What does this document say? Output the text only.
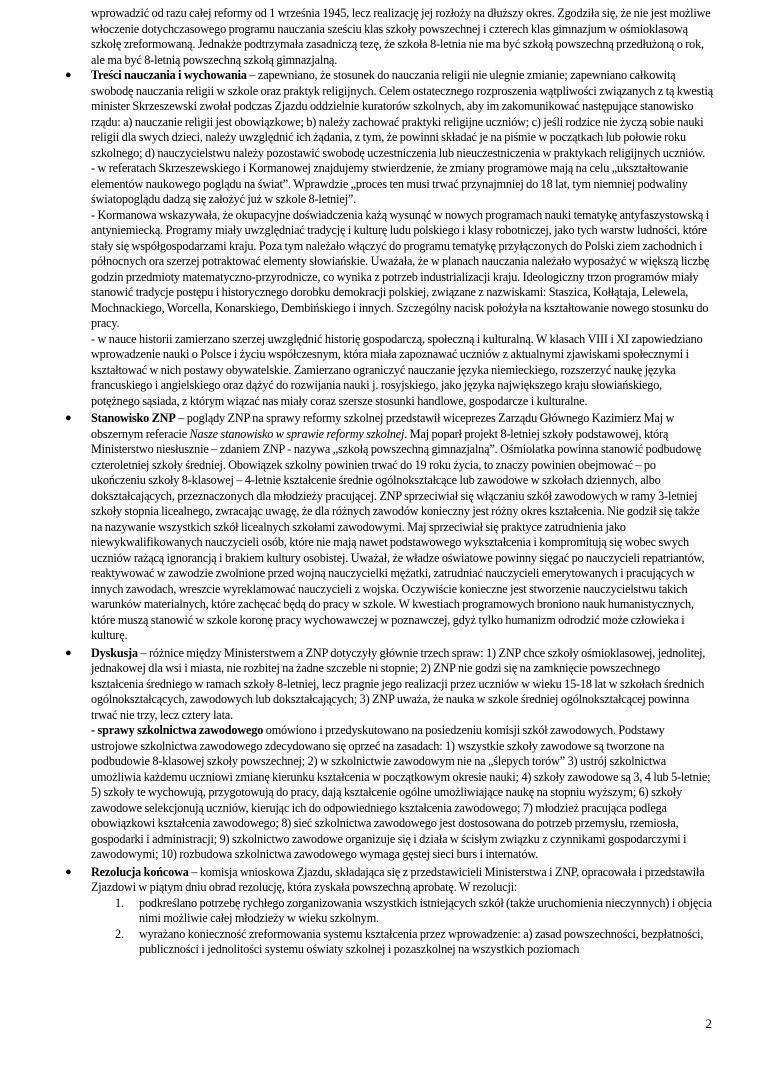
wprowadzić od razu całej reformy od 1 września 1945, lecz realizację jej rozłoży na dłuższy okres. Zgodziła się, że nie jest możliwe włoczenie dotychczasowego programu nauczania sześciu klas szkoły powszechnej i czterech klas gimnazjum w ośmioklasową szkołę zreformowaną. Jednakże podtrzymała zasadniczą tezę, że szkoła 8-letnia nie ma być szkołą powszechną przedłużoną o rok, ale ma być 8-letnią powszechną szkołą gimnazjalną.

● Treści nauczania i wychowania – zapewniano, że stosunek do nauczania religii nie ulegnie zmianie; zapewniano całkowitą swobodę nauczania religii w szkole oraz praktyk religijnych. Celem ostatecznego rozproszenia wątpliwości związanych z tą kwestią minister Skrzeszewski zwołał podczas Zjazdu oddzielnie kuratorów szkolnych, aby im zakomunikować następujące stanowisko rządu: a) nauczanie religii jest obowiązkowe; b) należy zachować praktyki religijne uczniów; c) jeśli rodzice nie życzą sobie nauki religii dla swych dzieci, należy uwzględnić ich żądania, z tym, że powinni składać je na piśmie w początkach lub połowie roku szkolnego; d) nauczycielstwu należy pozostawić swobodę uczestniczenia lub nieuczestniczenia w praktykach religijnych uczniów.
- w referatach Skrzeszewskiego i Kormanowej znajdujemy stwierdzenie, że zmiany programowe mają na celu „ukształtowanie elementów naukowego poglądu na świat”. Wprawdzie „proces ten musi trwać przynajmniej do 18 lat, tym niemniej podwaliny światopoglądu dadzą się założyć już w szkole 8-letniej”.
- Kormanowa wskazywała, że okupacyjne doświadczenia każą wysunąć w nowych programach nauki tematykę antyfaszystowską i antyniemiecką. Programy miały uwzględniać tradycję i kulturę ludu polskiego i klasy robotniczej, jako tych warstw ludności, które stały się współgospodarzami kraju. Poza tym należało włączyć do programu tematykę przyłączonych do Polski ziem zachodnich i północnych ora szerzej potraktować elementy słowiańskie. Uważała, że w planach nauczania należało wyposażyć w większą liczbę godzin przedmioty matematyczno-przyrodnicze, co wynika z potrzeb industrializacji kraju. Ideologiczny trzon programów miały stanowić tradycje postępu i historycznego dorobku demokracji polskiej, związane z nazwiskami: Staszica, Kołłątaja, Lelewela, Mochnackiego, Worcella, Konarskiego, Dembińskiego i innych. Szczególny nacisk położyła na kształtowanie nowego stosunku do pracy.
- w nauce historii zamierzano szerzej uwzględnić historię gospodarczą, społeczną i kulturalną. W klasach VIII i XI zapowiedziano wprowadzenie nauki o Polsce i życiu współczesnym, która miała zapoznawać uczniów z aktualnymi zjawiskami społecznymi i kształtować w nich postawy obywatelskie. Zamierzano ograniczyć nauczanie języka niemieckiego, rozszerzyć naukę języka francuskiego i angielskiego oraz dążyć do rozwijania nauki j. rosyjskiego, jako języka największego kraju słowiańskiego, potężnego sąsiada, z którym wiązać nas miały coraz szersze stosunki handlowe, gospodarcze i kulturalne.
● Stanowisko ZNP – poglądy ZNP na sprawy reformy szkolnej przedstawił wiceprezes Zarządu Głównego Kazimierz Maj w obszernym referacie Nasze stanowisko w sprawie reformy szkolnej. Maj poparł projekt 8-letniej szkoły podstawowej, którą Ministerstwo niesłusznie – zdaniem ZNP - nazywa „szkołą powszechną gimnazjalną”. Ośmiolatka powinna stanowić podbudowę czteroletniej szkoły średniej. Obowiązek szkolny powinien trwać do 19 roku życia, to znaczy powinien obejmować – po ukończeniu szkoły 8-klasowej – 4-letnie kształcenie średnie ogólnokształcące lub zawodowe w szkołach dziennych, albo dokształcających, przeznaczonych dla młodzieży pracującej. ZNP sprzeciwiał się włączaniu szkół zawodowych w ramy 3-letniej szkoły stopnia licealnego, zwracając uwagę, że dla różnych zawodów konieczny jest różny okres kształcenia. Nie godził się także na nazywanie wszystkich szkół licealnych szkołami zawodowymi. Maj sprzeciwiał się praktyce zatrudnienia jako niewykwalifikowanych nauczycieli osób, które nie mają nawet podstawowego wykształcenia i kompromitują się wobec swych uczniów rażącą ignorancją i brakiem kultury osobistej. Uważał, że władze oświatowe powinny sięgać po nauczycieli repatriantów, reaktywować w zawodzie zwolnione przed wojną nauczycielki mężatki, zatrudniać nauczycieli emerytowanych i pracujących w innych zawodach, wreszcie wyreklamować nauczycieli z wojska. Oczywiście konieczne jest stworzenie nauczycielstwu takich warunków materialnych, które zachęcać będą do pracy w szkole. W kwestiach programowych broniono nauk humanistycznych, które muszą stanowić w szkole koronę pracy wychowawczej w poznawczej, gdyż tylko humanizm odrodzić może człowieka i kulturę.
● Dyskusja – różnice między Ministerstwem a ZNP dotyczyły głównie trzech spraw: 1) ZNP chce szkoły ośmioklasowej, jednolitej, jednakowej dla wsi i miasta, nie rozbitej na żadne szczeble ni stopnie; 2) ZNP nie godzi się na zamknięcie powszechnego kształcenia średniego w ramach szkoły 8-letniej, lecz pragnie jego realizacji przez uczniów w wieku 15-18 lat w szkołach średnich ogólnokształcących, zawodowych lub dokształcających; 3) ZNP uważa, że nauka w szkole średniej ogólnokształcącej powinna trwać nie trzy, lecz cztery lata.
- sprawy szkolnictwa zawodowego omówiono i przedyskutowano na posiedzeniu komisji szkół zawodowych. Podstawy ustrojowe szkolnictwa zawodowego zdecydowano się oprzeć na zasadach: 1) wszystkie szkoły zawodowe są tworzone na podbudowie 8-klasowej szkoły powszechnej; 2) w szkolnictwie zawodowym nie na „ślepych torów” 3) ustrój szkolnictwa umożliwia każdemu uczniowi zmianę kierunku kształcenia w początkowym okresie nauki; 4) szkoły zawodowe są 3, 4 lub 5-letnie; 5) szkoły te wychowują, przygotowują do pracy, dają kształcenie ogólne umożliwiające naukę na stopniu wyższym; 6) szkoły zawodowe selekcjonują uczniów, kierując ich do odpowiedniego kształcenia zawodowego; 7) młodzież pracująca podlega obowiązkowi kształcenia zawodowego; 8) sieć szkolnictwa zawodowego jest dostosowana do potrzeb przemysłu, rzemiosła, gospodarki i administracji; 9) szkolnictwo zawodowe organizuje się i działa w ścisłym związku z czynnikami gospodarczymi i zawodowymi; 10) rozbudowa szkolnictwa zawodowego wymaga gęstej sieci burs i internatów.
● Rezolucja końcowa – komisja wnioskowa Zjazdu, składająca się z przedstawicieli Ministerstwa i ZNP, opracowała i przedstawiła Zjazdowi w piątym dniu obrad rezolucję, która zyskała powszechną aprobatę. W rezolucji:
1. podkreślano potrzebę rychłego zorganizowania wszystkich istniejących szkół (także uruchomienia nieczynnych) i objęcia nimi możliwie całej młodzieży w wieku szkolnym.
2. wyrażano konieczność zreformowania systemu kształcenia przez wprowadzenie: a) zasad powszechności, bezpłatności, publiczności i jednolitości systemu oświaty szkolnej i pozaszkolnej na wszystkich poziomach
2
